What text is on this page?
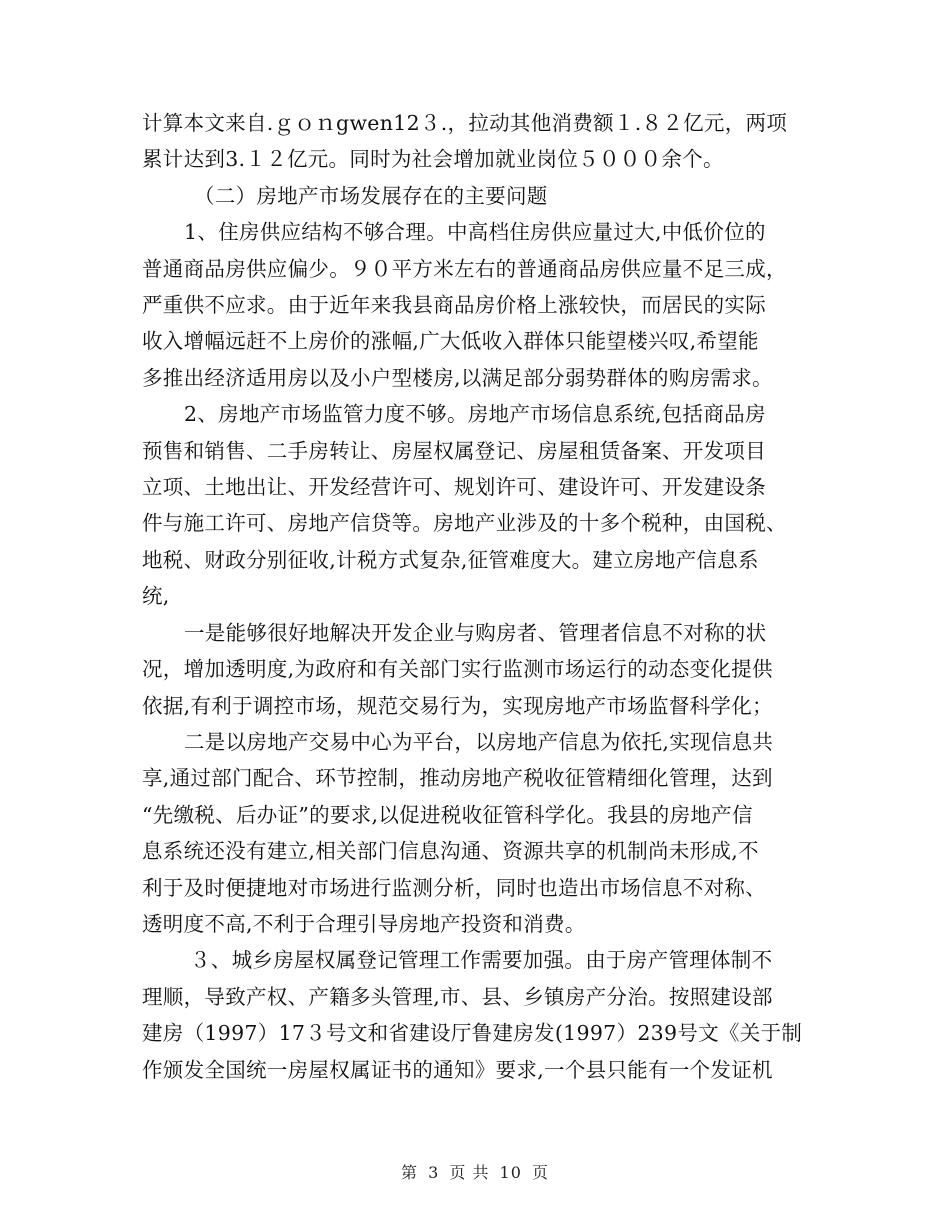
计算本文来自.ｇｏｎgwen12３.，拉动其他消费额１.８２亿元，两项
累计达到3.１２亿元。同时为社会增加就业岗位５０００余个。

（二）房地产市场发展存在的主要问题

1、住房供应结构不够合理。中高档住房供应量过大,中低价位的
普通商品房供应偏少。９０平方米左右的普通商品房供应量不足三成，
严重供不应求。由于近年来我县商品房价格上涨较快，而居民的实际
收入增幅远赶不上房价的涨幅,广大低收入群体只能望楼兴叹,希望能
多推出经济适用房以及小户型楼房,以满足部分弱势群体的购房需求。

2、房地产市场监管力度不够。房地产市场信息系统,包括商品房
预售和销售、二手房转让、房屋权属登记、房屋租赁备案、开发项目
立项、土地出让、开发经营许可、规划许可、建设许可、开发建设条
件与施工许可、房地产信贷等。房地产业涉及的十多个税种，由国税、
地税、财政分别征收,计税方式复杂,征管难度大。建立房地产信息系
统,

一是能够很好地解决开发企业与购房者、管理者信息不对称的状
况，增加透明度,为政府和有关部门实行监测市场运行的动态变化提供
依据,有利于调控市场，规范交易行为，实现房地产市场监督科学化；

二是以房地产交易中心为平台，以房地产信息为依托,实现信息共
享,通过部门配合、环节控制，推动房地产税收征管精细化管理，达到
“先缴税、后办证”的要求,以促进税收征管科学化。我县的房地产信
息系统还没有建立,相关部门信息沟通、资源共享的机制尚未形成,不
利于及时便捷地对市场进行监测分析，同时也造出市场信息不对称、
透明度不高,不利于合理引导房地产投资和消费。

３、城乡房屋权属登记管理工作需要加强。由于房产管理体制不
理顺，导致产权、产籍多头管理,市、县、乡镇房产分治。按照建设部
建房（1997）17３号文和省建设厅鲁建房发(1997）239号文《关于制
作颁发全国统一房屋权属证书的通知》要求,一个县只能有一个发证机

第 3 页 共 10 页
